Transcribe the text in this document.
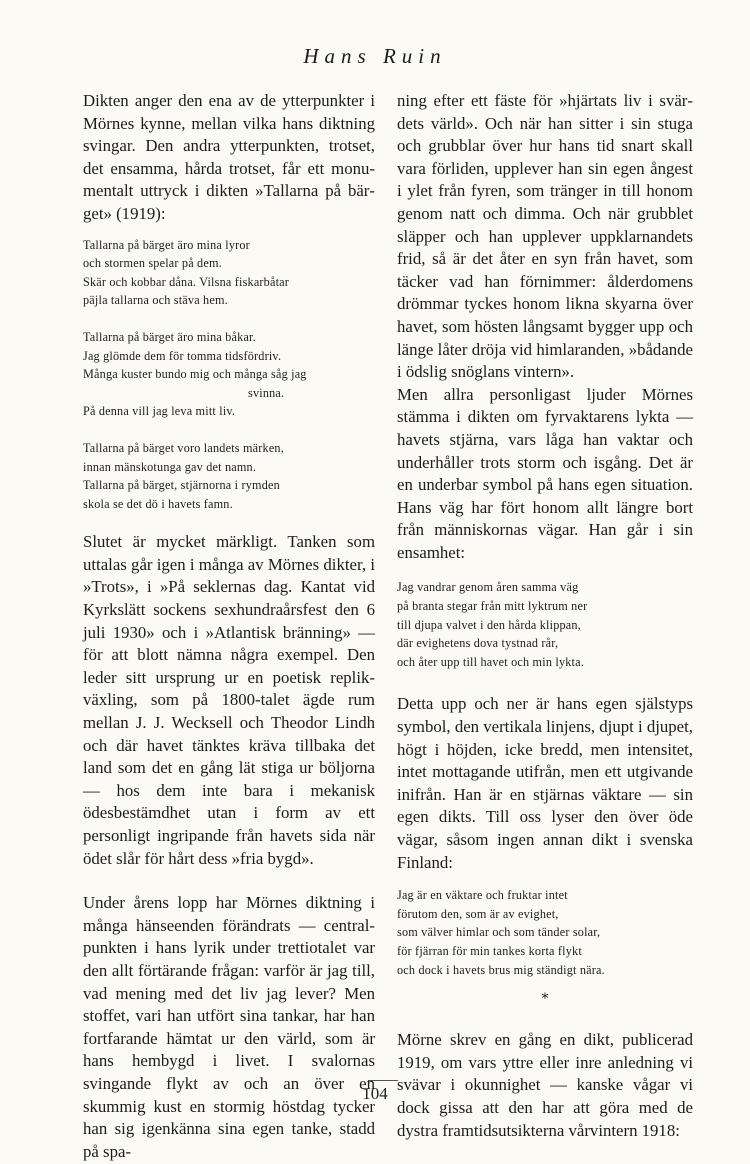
Hans Ruin

Dikten anger den ena av de ytterpunkter i Mörnes kynne, mellan vilka hans diktning svingar. Den andra ytterpunkten, trotset, det ensamma, hårda trotset, får ett monumentalt uttryck i dikten »Tallarna på bärget» (1919):

Tallarna på bärget äro mina lyror
och stormen spelar på dem.
Skär och kobbar dåna. Vilsna fiskarbåtar
päjla tallarna och stäva hem.
Tallarna på bärget äro mina båkar.
Jag glömde dem för tomma tidsfördriv.
Många kuster bundo mig och många såg jag
svinna.
På denna vill jag leva mitt liv.
Tallarna på bärget voro landets märken,
innan mänskotunga gav det namn.
Tallarna på bärget, stjärnorna i rymden
skola se det dö i havets famn.

Slutet är mycket märkligt. Tanken som uttalas går igen i många av Mörnes dikter, i »Trots», i »På seklernas dag. Kantat vid Kyrkslätt sockens sexhundraårsfest den 6 juli 1930» och i »Atlantisk bränning» — för att blott nämna några exempel. Den leder sitt ursprung ur en poetisk replikväxling, som på 1800-talet ägde rum mellan J. J. Wecksell och Theodor Lindh och där havet tänktes kräva tillbaka det land som det en gång lät stiga ur böljorna — hos dem inte bara i mekanisk ödesbestämdhet utan i form av ett personligt ingripande från havets sida när ödet slår för hårt dess »fria bygd».

Under årens lopp har Mörnes diktning i många hänseenden förändrats — centralpunkten i hans lyrik under trettiotalet var den allt förtärande frågan: varför är jag till, vad mening med det liv jag lever? Men stoffet, vari han utfört sina tankar, har han fortfarande hämtat ur den värld, som är hans hembygd i livet. I svalornas svingande flykt av och an över en skummig kust en stormig höstdag tycker han sig igenkänna sina egen tanke, stadd på spa-

ning efter ett fäste för »hjärtats liv i svärdets värld». Och när han sitter i sin stuga och grubblar över hur hans tid snart skall vara förliden, upplever han sin egen ångest i ylet från fyren, som tränger in till honom genom natt och dimma. Och när grubblet släpper och han upplever uppklarnandets frid, så är det åter en syn från havet, som täcker vad han förnimmer: ålderdomens drömmar tyckes honom likna skyarna över havet, som hösten långsamt bygger upp och länge låter dröja vid himlaranden, »bådande i ödslig snöglans vintern».

Men allra personligast ljuder Mörnes stämma i dikten om fyrvaktarens lykta — havets stjärna, vars låga han vaktar och underhåller trots storm och isgång. Det är en underbar symbol på hans egen situation. Hans väg har fört honom allt längre bort från människornas vägar. Han går i sin ensamhet:

Jag vandrar genom åren samma väg
på branta stegar från mitt lyktrum ner
till djupa valvet i den hårda klippan,
där evighetens dova tystnad rår,
och åter upp till havet och min lykta.

Detta upp och ner är hans egen själstyps symbol, den vertikala linjens, djupt i djupet, högt i höjden, icke bredd, men intensitet, intet mottagande utifrån, men ett utgivande inifrån. Han är en stjärnas väktare — sin egen dikts. Till oss lyser den över öde vägar, såsom ingen annan dikt i svenska Finland:

Jag är en väktare och fruktar intet
förutom den, som är av evighet,
som välver himlar och som tänder solar,
för fjärran för min tankes korta flykt
och dock i havets brus mig ständigt nära.
*

Mörne skrev en gång en dikt, publicerad 1919, om vars yttre eller inre anledning vi svävar i okunnighet — kanske vågar vi dock gissa att den har att göra med de dystra framtidsutsikterna vårvintern 1918:

104
